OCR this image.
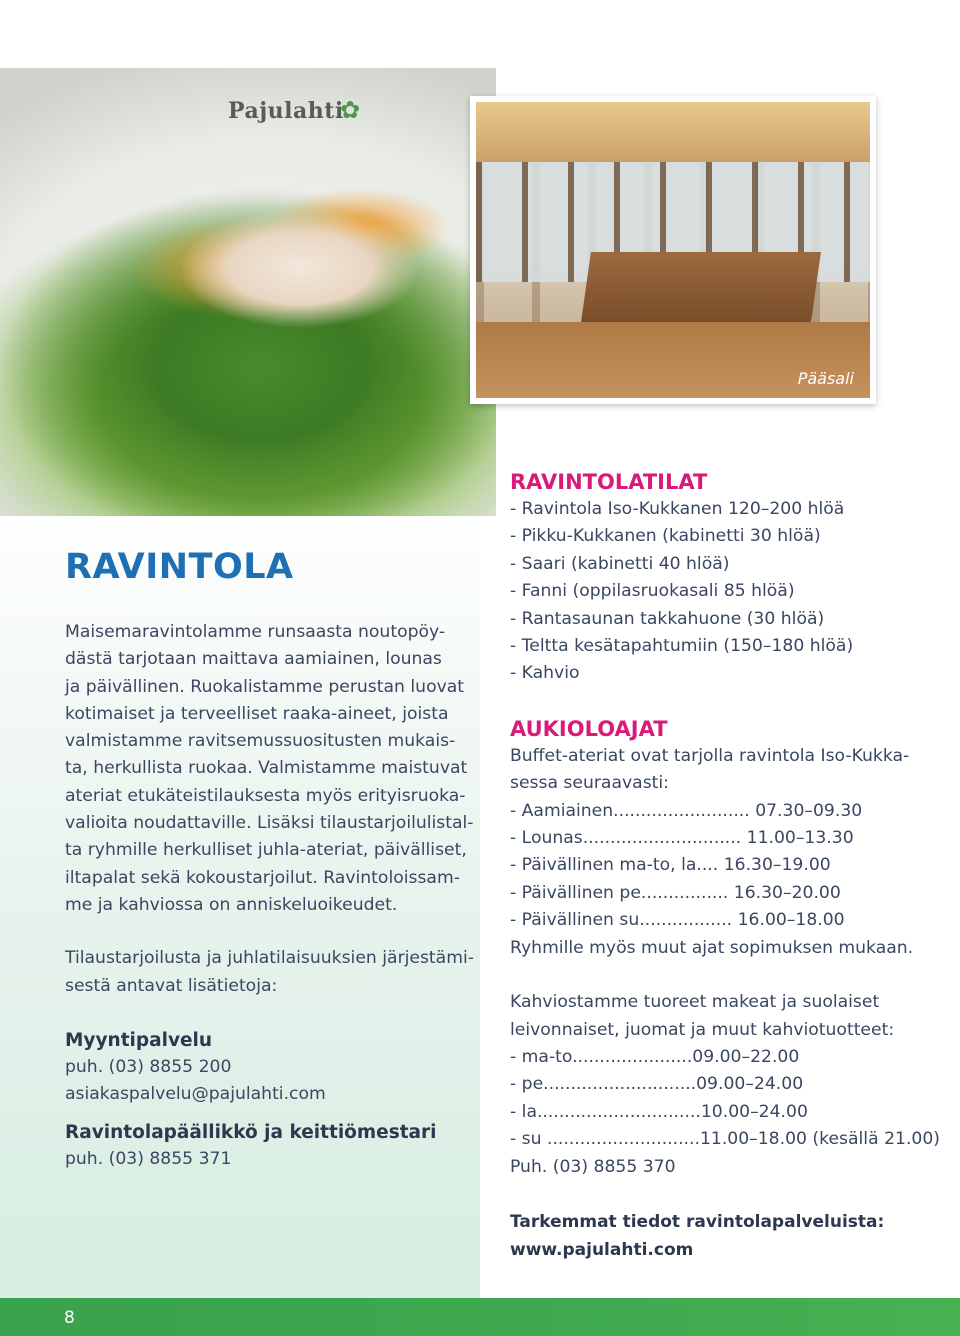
Pajulahti
✿
Pääsali
RAVINTOLA

Maisemaravintolamme runsaasta noutopöy-
dästä tarjotaan maittava aamiainen, lounas
ja päivällinen. Ruokalistamme perustan luovat
kotimaiset ja terveelliset raaka-aineet, joista
valmistamme ravitsemussuositusten mukais-
ta, herkullista ruokaa. Valmistamme maistuvat
ateriat etukäteistilauksesta myös erityisruoka-
valioita noudattaville. Lisäksi tilaustarjoilulistal-
ta ryhmille herkulliset juhla-ateriat, päivälliset,
iltapalat sekä kokoustarjoilut. Ravintoloissam-
me ja kahviossa on anniskeluoikeudet.

Tilaustarjoilusta ja juhlatilaisuuksien järjestämi-
sestä antavat lisätietoja:

Myyntipalvelu
puh. (03) 8855 200
asiakaspalvelu@pajulahti.com
Ravintolapäällikkö ja keittiömestari
puh. (03) 8855 371
RAVINTOLATILAT
- Ravintola Iso-Kukkanen 120–200 hlöä
- Pikku-Kukkanen (kabinetti 30 hlöä)
- Saari (kabinetti 40 hlöä)
- Fanni (oppilasruokasali 85 hlöä)
- Rantasaunan takkahuone (30 hlöä)
- Teltta kesätapahtumiin (150–180 hlöä)
- Kahvio
AUKIOLOAJAT
Buffet-ateriat ovat tarjolla ravintola Iso-Kukka-
sessa seuraavasti:
- Aamiainen......................... 07.30–09.30
- Lounas............................. 11.00–13.30
- Päivällinen ma-to, la.... 16.30–19.00
- Päivällinen pe................ 16.30–20.00
- Päivällinen su................. 16.00–18.00
Ryhmille myös muut ajat sopimuksen mukaan.
Kahviostamme tuoreet makeat ja suolaiset
leivonnaiset, juomat ja muut kahviotuotteet:
- ma-to......................09.00–22.00
- pe............................09.00–24.00
- la..............................10.00–24.00
- su ............................11.00–18.00 (kesällä 21.00)
Puh. (03) 8855 370
Tarkemmat tiedot ravintolapalveluista:
www.pajulahti.com
8
